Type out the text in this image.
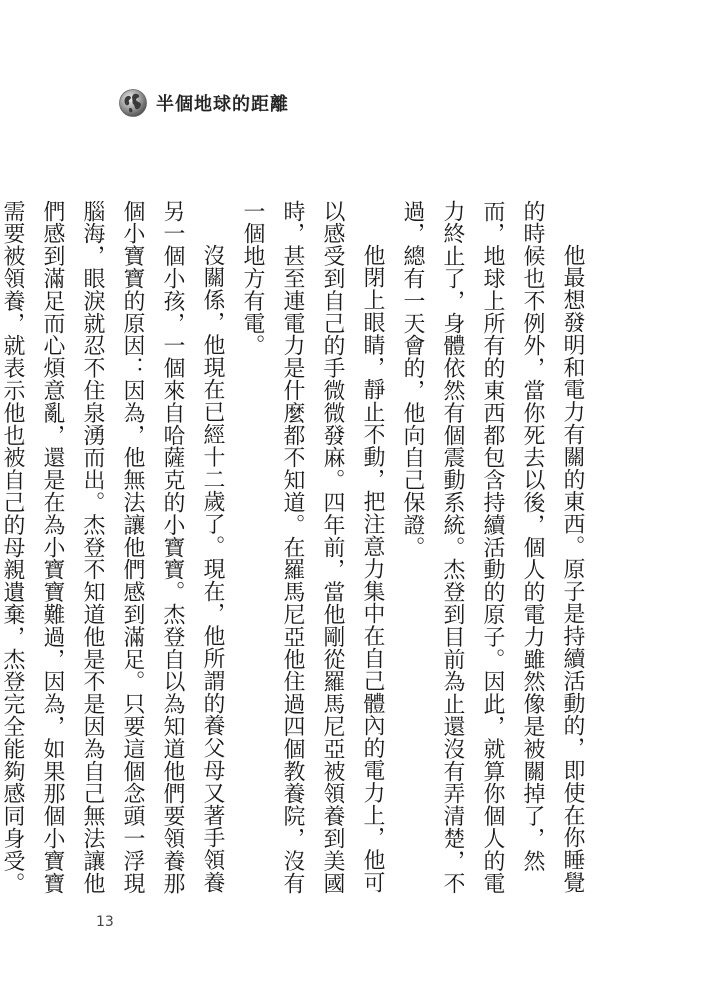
半個地球的距離

他最想發明和電力有關的東西。原子是持續活動的，即使在你睡覺的時候也不例外，當你死去以後，個人的電力雖然像是被關掉了，然而，地球上所有的東西都包含持續活動的原子。因此，就算你個人的電力終止了，身體依然有個震動系統。杰登到目前為止還沒有弄清楚，不過，總有一天會的，他向自己保證。

他閉上眼睛，靜止不動，把注意力集中在自己體內的電力上，他可以感受到自己的手微微發麻。四年前，當他剛從羅馬尼亞被領養到美國時，甚至連電力是什麼都不知道。在羅馬尼亞他住過四個教養院，沒有一個地方有電。

沒關係，他現在已經十二歲了。現在，他所謂的養父母又著手領養另一個小孩，一個來自哈薩克的小寶寶。杰登自以為知道他們要領養那個小寶寶的原因：因為，他無法讓他們感到滿足。只要這個念頭一浮現腦海，眼淚就忍不住泉湧而出。杰登不知道他是不是因為自己無法讓他們感到滿足而心煩意亂，還是在為小寶寶難過，因為，如果那個小寶寶需要被領養，就表示他也被自己的母親遺棄，杰登完全能夠感同身受。

13
